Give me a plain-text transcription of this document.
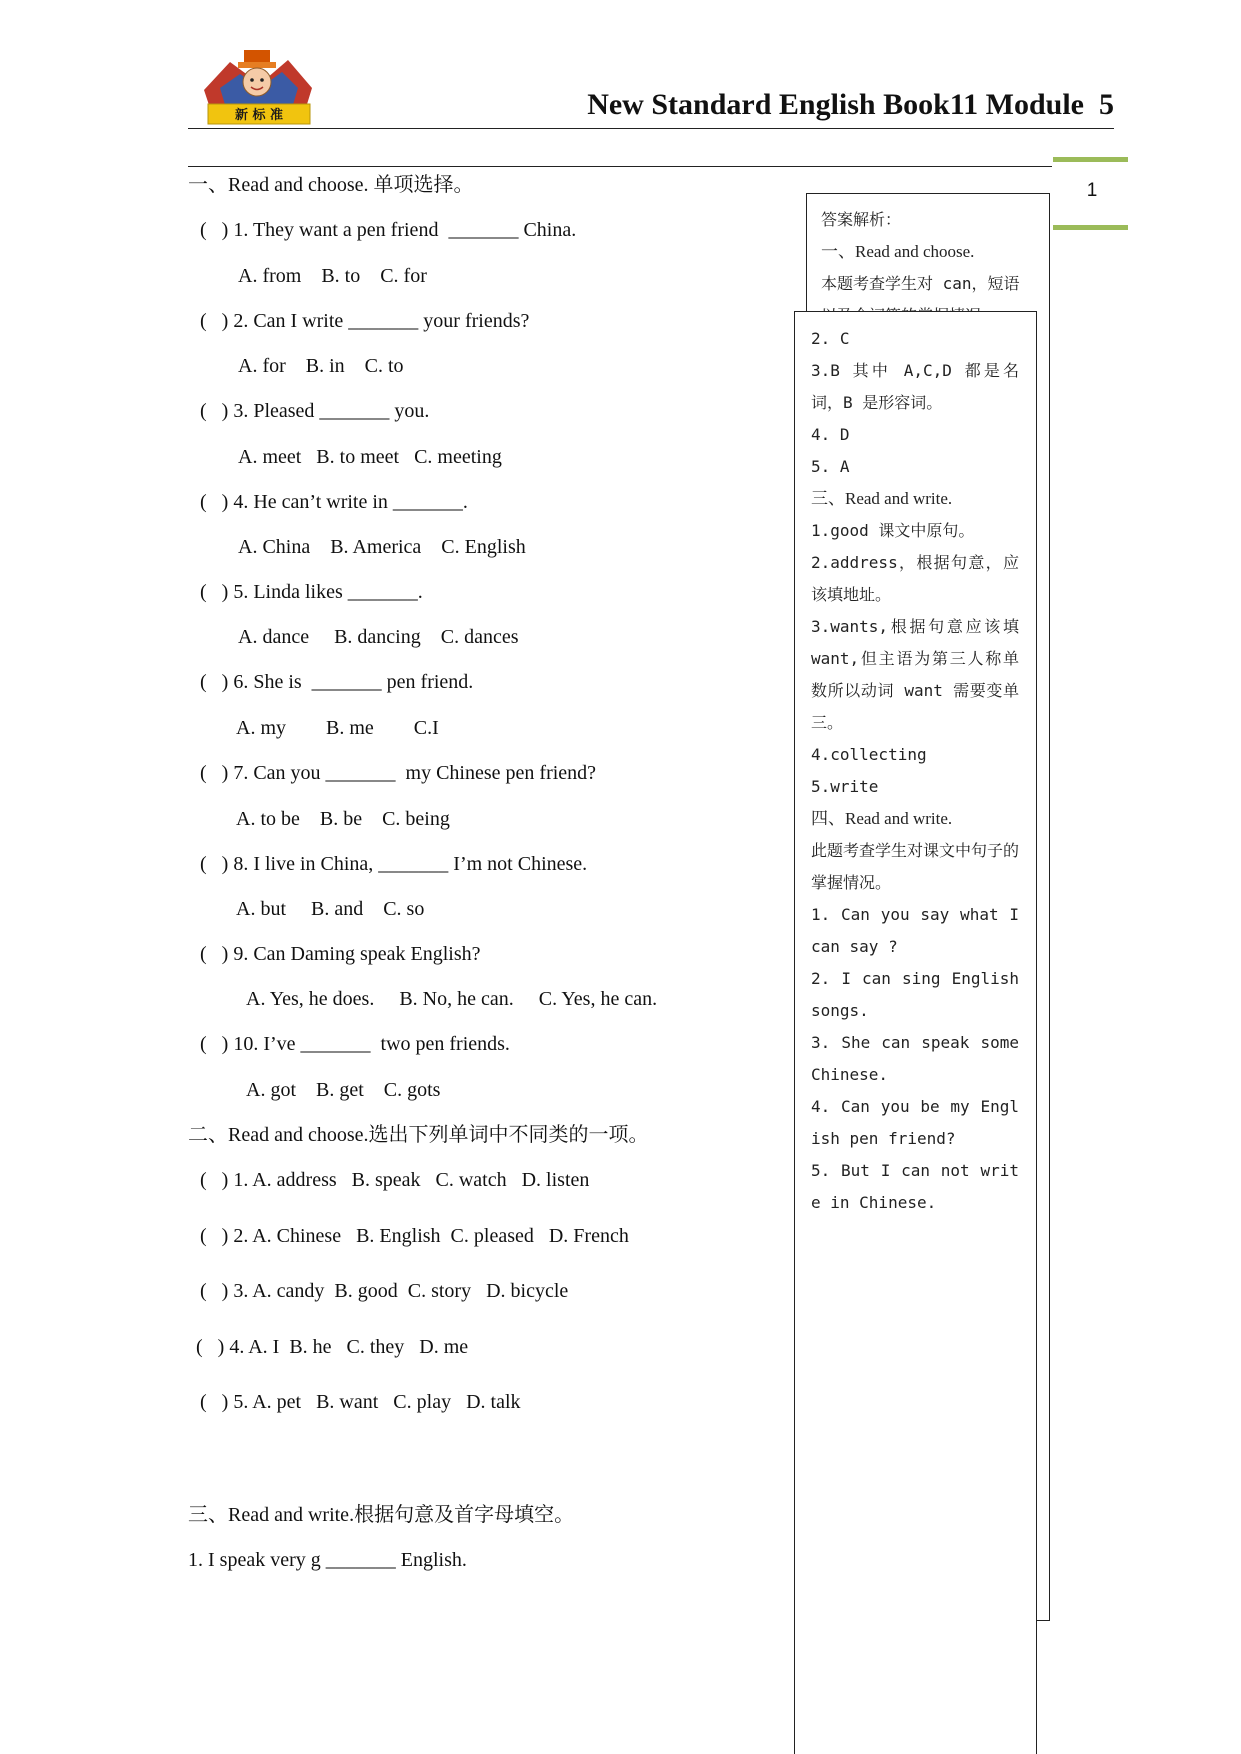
新 标 准	New Standard English Book11 Module  5
1
一、Read and choose. 单项选择。
(   ) 1. They want a pen friend  _______ China.
A. from    B. to    C. for
(   ) 2. Can I write _______ your friends?
A. for    B. in    C. to
(   ) 3. Pleased _______ you.
A. meet   B. to meet   C. meeting
(   ) 4. He can’t write in _______.
A. China    B. America    C. English
(   ) 5. Linda likes _______.
A. dance     B. dancing    C. dances
(   ) 6. She is  _______ pen friend.
A. my        B. me        C.I
(   ) 7. Can you _______  my Chinese pen friend?
A. to be    B. be    C. being
(   ) 8. I live in China, _______ I’m not Chinese.
A. but     B. and    C. so
(   ) 9. Can Daming speak English?
A. Yes, he does.     B. No, he can.     C. Yes, he can.
(   ) 10. I’ve _______  two pen friends.
A. got    B. get    C. gots
二、Read and choose.选出下列单词中不同类的一项。
(   ) 1. A. address   B. speak   C. watch   D. listen
(   ) 2. A. Chinese   B. English  C. pleased   D. French
(   ) 3. A. candy  B. good  C. story   D. bicycle
(   ) 4. A. I  B. he   C. they   D. me
(   ) 5. A. pet   B. want   C. play   D. talk
三、Read and write.根据句意及首字母填空。
1. I speak very g _______ English.
答案解析：
一、Read and choose.
本题考查学生对 can，短语
2. C
3.B 其中 A,C,D 都是名词，B 是形容词。
4. D
5. A
三、Read and write.
1.good 课文中原句。
2.address，根据句意，应该填地址。
3.wants,根据句意应该填 want,但主语为第三人称单数所以动词 want 需要变单三。
4.collecting
5.write
四、Read and write.
此题考查学生对课文中句子的掌握情况。
1. Can you say what I can say ?
2. I can sing English songs.
3. She can speak some Chinese.
4. Can you be my English pen friend?
5. But I can not write in Chinese.
